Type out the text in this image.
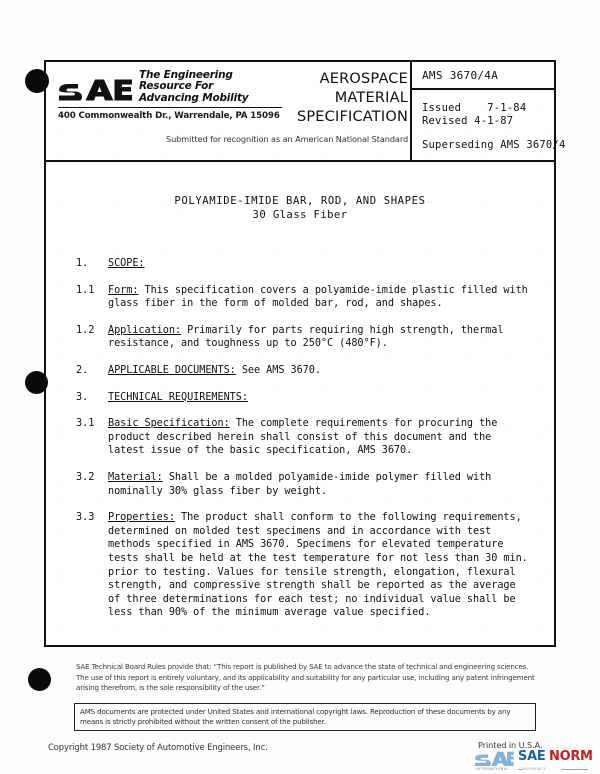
The Engineering
Resource For
Advancing Mobility
400 Commonwealth Dr., Warrendale, PA 15096
Submitted for recognition as an American National Standard
AEROSPACE
MATERIAL
SPECIFICATION
AMS 3670/4A
Issued    7-1-84
Revised 4-1-87
Superseding AMS 3670/4
POLYAMIDE-IMIDE BAR, ROD, AND SHAPES
30 Glass Fiber
1.	SCOPE:
1.1	Form: This specification covers a polyamide-imide plastic filled with glass fiber in the form of molded bar, rod, and shapes.
1.2	Application: Primarily for parts requiring high strength, thermal resistance, and toughness up to 250°C (480°F).
2.	APPLICABLE DOCUMENTS: See AMS 3670.
3.	TECHNICAL REQUIREMENTS:
3.1	Basic Specification: The complete requirements for procuring the product described herein shall consist of this document and the latest issue of the basic specification, AMS 3670.
3.2	Material: Shall be a molded polyamide-imide polymer filled with nominally 30% glass fiber by weight.
3.3	Properties: The product shall conform to the following requirements, determined on molded test specimens and in accordance with test methods specified in AMS 3670. Specimens for elevated temperature tests shall be held at the test temperature for not less than 30 min. prior to testing. Values for tensile strength, elongation, flexural strength, and compressive strength shall be reported as the average of three determinations for each test; no individual value shall be less than 90% of the minimum average value specified.
SAE Technical Board Rules provide that: “This report is published by SAE to advance the state of technical and engineering sciences. The use of this report is entirely voluntary, and its applicability and suitability for any particular use, including any patent infringement arising therefrom, is the sole responsibility of the user.”
AMS documents are protected under United States and international copyright laws. Reproduction of these documents by any means is strictly prohibited without the written consent of the publisher.
Copyright 1987 Society of Automotive Engineers, Inc.	Printed in U.S.A.
SAE NORM
INTERNATIONAL	REFERENCE
